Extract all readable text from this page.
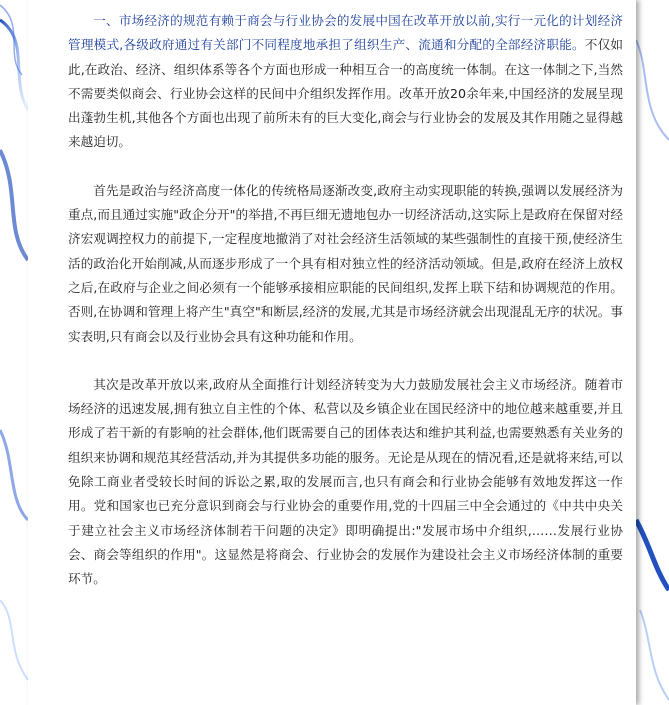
一、市场经济的规范有赖于商会与行业协会的发展中国在改革开放以前,实行一元化的计划经济管理模式,各级政府通过有关部门不同程度地承担了组织生产、流通和分配的全部经济职能。不仅如此,在政治、经济、组织体系等各个方面也形成一种相互合一的高度统一体制。在这一体制之下,当然不需要类似商会、行业协会这样的民间中介组织发挥作用。改革开放20余年来,中国经济的发展呈现出蓬勃生机,其他各个方面也出现了前所未有的巨大变化,商会与行业协会的发展及其作用随之显得越来越迫切。

首先是政治与经济高度一体化的传统格局逐渐改变,政府主动实现职能的转换,强调以发展经济为重点,而且通过实施"政企分开"的举措,不再巨细无遗地包办一切经济活动,这实际上是政府在保留对经济宏观调控权力的前提下,一定程度地撤消了对社会经济生活领域的某些强制性的直接干预,使经济生活的政治化开始削减,从而逐步形成了一个具有相对独立性的经济活动领域。但是,政府在经济上放权之后,在政府与企业之间必须有一个能够承接相应职能的民间组织,发挥上联下结和协调规范的作用。否则,在协调和管理上将产生"真空"和断层,经济的发展,尤其是市场经济就会出现混乱无序的状况。事实表明,只有商会以及行业协会具有这种功能和作用。

其次是改革开放以来,政府从全面推行计划经济转变为大力鼓励发展社会主义市场经济。随着市场经济的迅速发展,拥有独立自主性的个体、私营以及乡镇企业在国民经济中的地位越来越重要,并且形成了若干新的有影响的社会群体,他们既需要自己的团体表达和维护其利益,也需要熟悉有关业务的组织来协调和规范其经营活动,并为其提供多功能的服务。无论是从现在的情况看,还是就将来结,可以免除工商业者受较长时间的诉讼之累,取的发展而言,也只有商会和行业协会能够有效地发挥这一作用。党和国家也已充分意识到商会与行业协会的重要作用,党的十四届三中全会通过的《中共中央关于建立社会主义市场经济体制若干问题的决定》即明确提出:"发展市场中介组织,……发展行业协会、商会等组织的作用"。这显然是将商会、行业协会的发展作为建设社会主义市场经济体制的重要环节。
